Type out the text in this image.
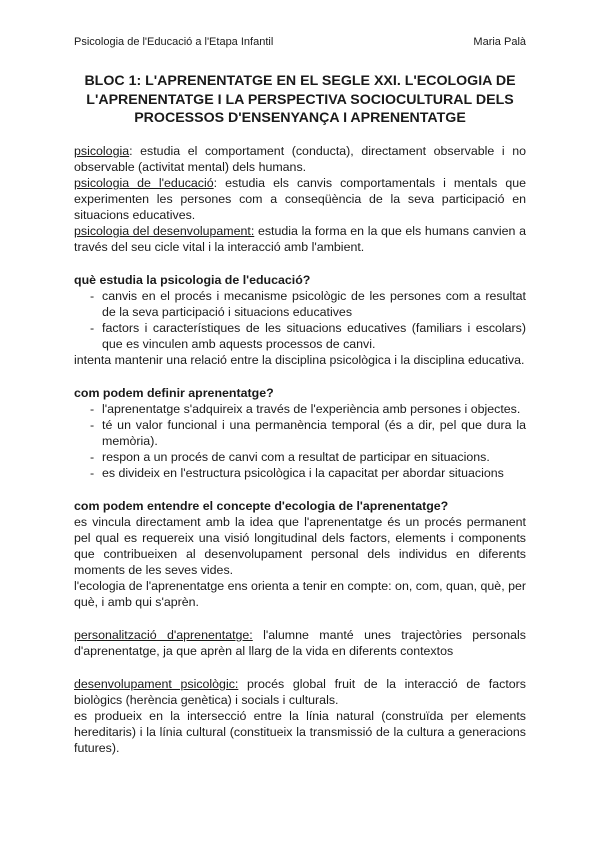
Psicologia de l'Educació a l'Etapa Infantil	Maria Palà
BLOC 1: L'APRENENTATGE EN EL SEGLE XXI. L'ECOLOGIA DE L'APRENENTATGE I LA PERSPECTIVA SOCIOCULTURAL DELS PROCESSOS D'ENSENYANÇA I APRENENTATGE

psicologia: estudia el comportament (conducta), directament observable i no observable (activitat mental) dels humans.

psicologia de l'educació: estudia els canvis comportamentals i mentals que experimenten les persones com a conseqüència de la seva participació en situacions educatives.

psicologia del desenvolupament: estudia la forma en la que els humans canvien a través del seu cicle vital i la interacció amb l'ambient.

què estudia la psicologia de l'educació?

- canvis en el procés i mecanisme psicològic de les persones com a resultat de la seva participació i situacions educatives
- factors i característiques de les situacions educatives (familiars i escolars) que es vinculen amb aquests processos de canvi.

intenta mantenir una relació entre la disciplina psicològica i la disciplina educativa.

com podem definir aprenentatge?

- l'aprenentatge s'adquireix a través de l'experiència amb persones i objectes.
- té un valor funcional i una permanència temporal (és a dir, pel que dura la memòria).
- respon a un procés de canvi com a resultat de participar en situacions.
- es divideix en l'estructura psicològica i la capacitat per abordar situacions

com podem entendre el concepte d'ecologia de l'aprenentatge?

es vincula directament amb la idea que l'aprenentatge és un procés permanent pel qual es requereix una visió longitudinal dels factors, elements i components que contribueixen al desenvolupament personal dels individus en diferents moments de les seves vides.

l'ecologia de l'aprenentatge ens orienta a tenir en compte: on, com, quan, què, per què, i amb qui s'aprèn.

personalització d'aprenentatge: l'alumne manté unes trajectòries personals d'aprenentatge, ja que aprèn al llarg de la vida en diferents contextos

desenvolupament psicològic: procés global fruit de la interacció de factors biològics (herència genètica) i socials i culturals.

es produeix en la intersecció entre la línia natural (construïda per elements hereditaris) i la línia cultural (constitueix la transmissió de la cultura a generacions futures).
